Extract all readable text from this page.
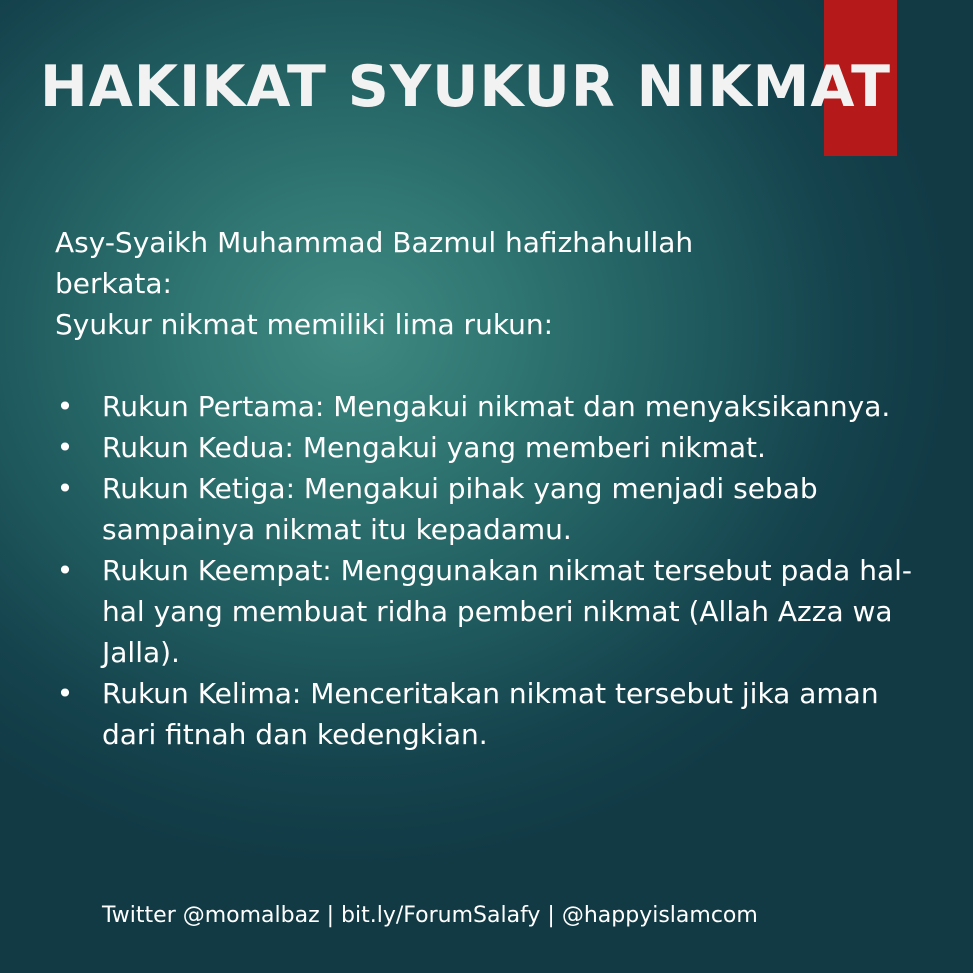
HAKIKAT SYUKUR NIKMAT

Asy-Syaikh Muhammad Bazmul hafizhahullah

berkata:

Syukur nikmat memiliki lima rukun:

• Rukun Pertama: Mengakui nikmat dan menyaksikannya.
• Rukun Kedua: Mengakui yang memberi nikmat.
• Rukun Ketiga: Mengakui pihak yang menjadi sebab sampainya nikmat itu kepadamu.
• Rukun Keempat: Menggunakan nikmat tersebut pada hal-hal yang membuat ridha pemberi nikmat (Allah Azza wa Jalla).
• Rukun Kelima: Menceritakan nikmat tersebut jika aman dari fitnah dan kedengkian.
Twitter @momalbaz | bit.ly/ForumSalafy | @happyislamcom
